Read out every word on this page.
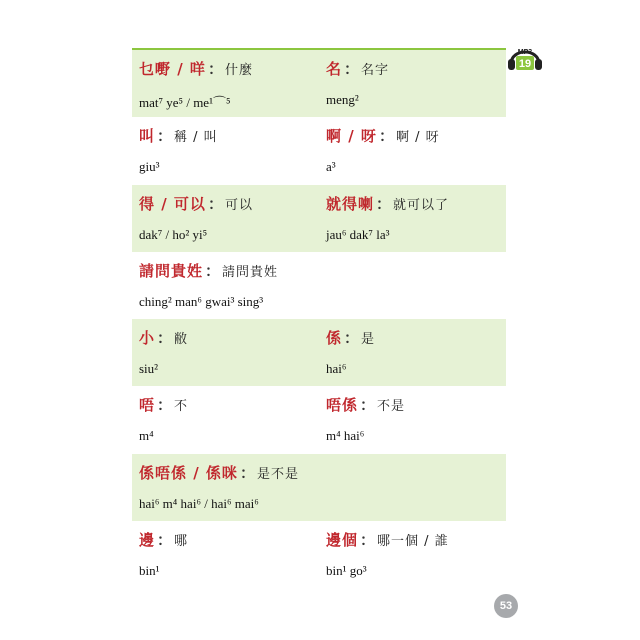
MP3
19
乜嘢 / 咩 ： 什麼
mat⁷ ye⁵ / me¹⌒⁵
名 ： 名字
meng²
叫 ： 稱 / 叫
giu³
啊 / 呀 ： 啊 / 呀
a³
得 / 可以 ： 可以
dak⁷ / ho² yi⁵
就得喇 ： 就可以了
jau⁶ dak⁷ la³
請問貴姓 ： 請問貴姓
ching² man⁶ gwai³ sing³
小 ： 敝
siu²
係 ： 是
hai⁶
唔 ： 不
m⁴
唔係 ： 不是
m⁴ hai⁶
係唔係 / 係咪 ： 是不是
hai⁶ m⁴ hai⁶ / hai⁶ mai⁶
邊 ： 哪
bin¹
邊個 ： 哪一個 / 誰
bin¹ go³
53
